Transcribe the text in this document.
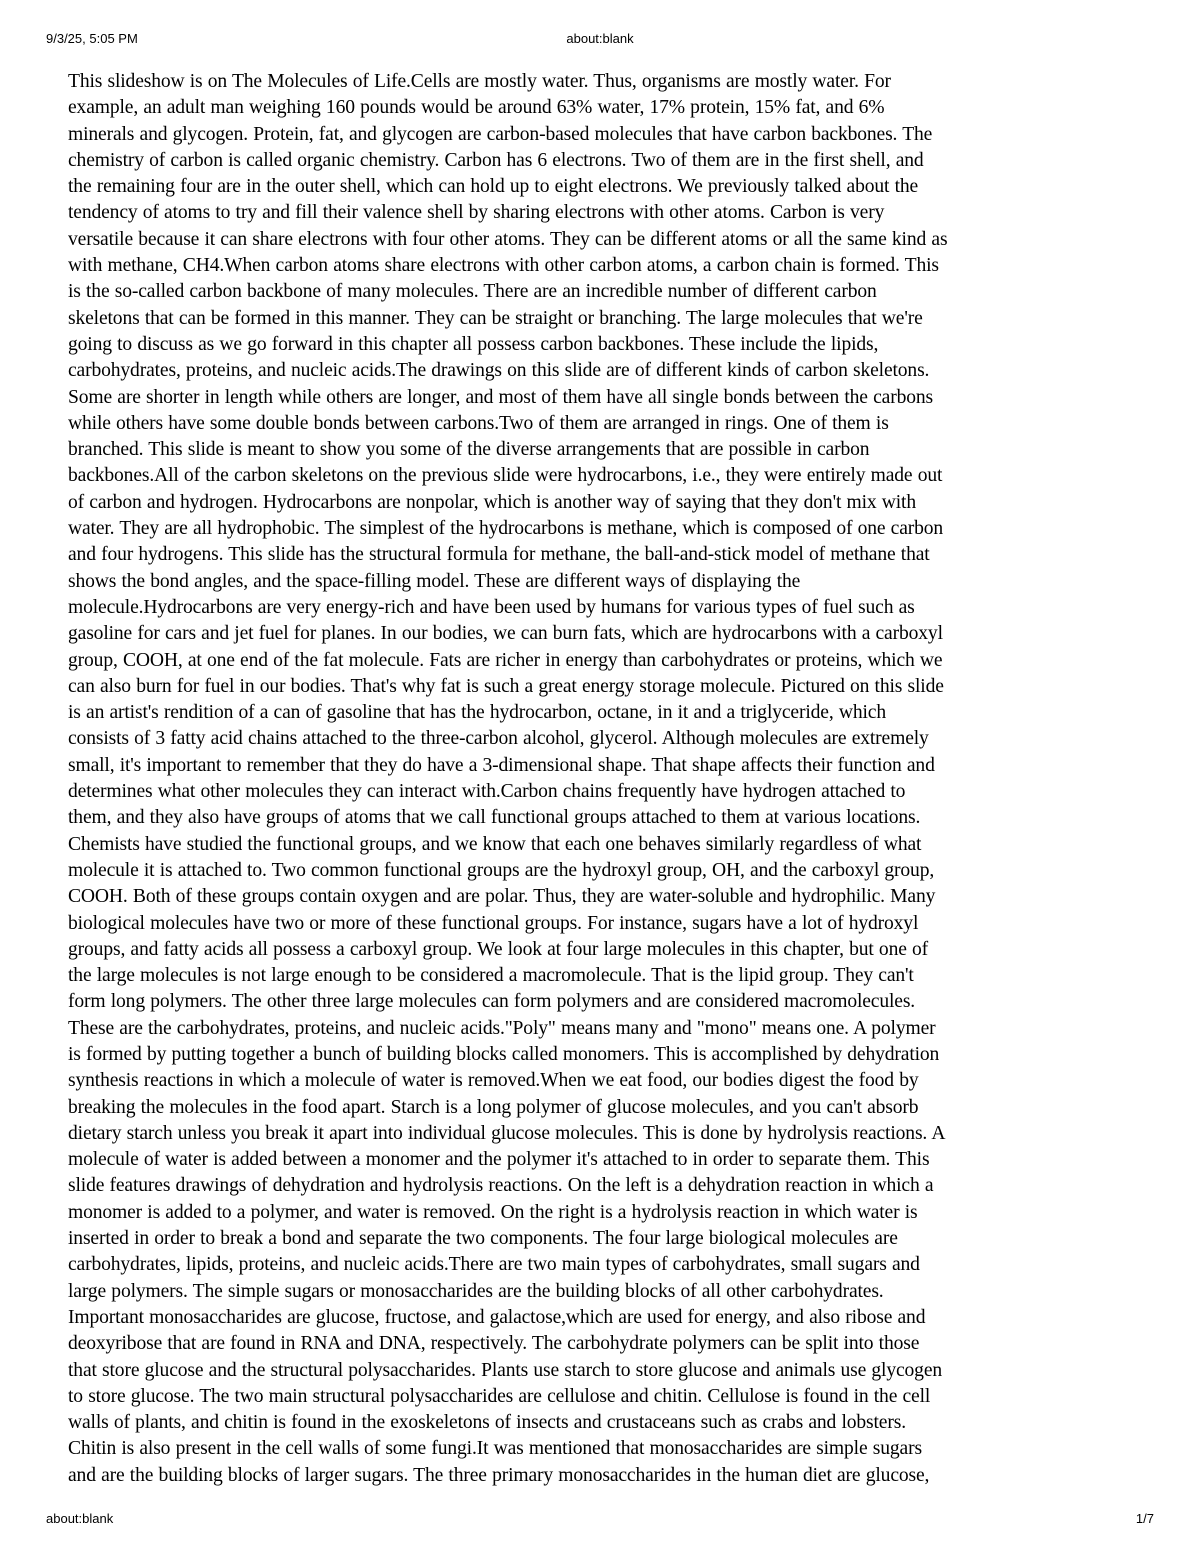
9/3/25, 5:05 PM	about:blank
This slideshow is on The Molecules of Life.Cells are mostly water. Thus, organisms are mostly water. For
example, an adult man weighing 160 pounds would be around 63% water, 17% protein, 15% fat, and 6%
minerals and glycogen. Protein, fat, and glycogen are carbon-based molecules that have carbon backbones. The
chemistry of carbon is called organic chemistry. Carbon has 6 electrons. Two of them are in the first shell, and
the remaining four are in the outer shell, which can hold up to eight electrons. We previously talked about the
tendency of atoms to try and fill their valence shell by sharing electrons with other atoms. Carbon is very
versatile because it can share electrons with four other atoms. They can be different atoms or all the same kind as
with methane, CH4.When carbon atoms share electrons with other carbon atoms, a carbon chain is formed. This
is the so-called carbon backbone of many molecules. There are an incredible number of different carbon
skeletons that can be formed in this manner. They can be straight or branching. The large molecules that we're
going to discuss as we go forward in this chapter all possess carbon backbones. These include the lipids,
carbohydrates, proteins, and nucleic acids.The drawings on this slide are of different kinds of carbon skeletons.
Some are shorter in length while others are longer, and most of them have all single bonds between the carbons
while others have some double bonds between carbons.Two of them are arranged in rings. One of them is
branched. This slide is meant to show you some of the diverse arrangements that are possible in carbon
backbones.All of the carbon skeletons on the previous slide were hydrocarbons, i.e., they were entirely made out
of carbon and hydrogen. Hydrocarbons are nonpolar, which is another way of saying that they don't mix with
water. They are all hydrophobic. The simplest of the hydrocarbons is methane, which is composed of one carbon
and four hydrogens. This slide has the structural formula for methane, the ball-and-stick model of methane that
shows the bond angles, and the space-filling model. These are different ways of displaying the
molecule.Hydrocarbons are very energy-rich and have been used by humans for various types of fuel such as
gasoline for cars and jet fuel for planes. In our bodies, we can burn fats, which are hydrocarbons with a carboxyl
group, COOH, at one end of the fat molecule. Fats are richer in energy than carbohydrates or proteins, which we
can also burn for fuel in our bodies. That's why fat is such a great energy storage molecule. Pictured on this slide
is an artist's rendition of a can of gasoline that has the hydrocarbon, octane, in it and a triglyceride, which
consists of 3 fatty acid chains attached to the three-carbon alcohol, glycerol. Although molecules are extremely
small, it's important to remember that they do have a 3-dimensional shape. That shape affects their function and
determines what other molecules they can interact with.Carbon chains frequently have hydrogen attached to
them, and they also have groups of atoms that we call functional groups attached to them at various locations.
Chemists have studied the functional groups, and we know that each one behaves similarly regardless of what
molecule it is attached to. Two common functional groups are the hydroxyl group, OH, and the carboxyl group,
COOH. Both of these groups contain oxygen and are polar. Thus, they are water-soluble and hydrophilic. Many
biological molecules have two or more of these functional groups. For instance, sugars have a lot of hydroxyl
groups, and fatty acids all possess a carboxyl group. We look at four large molecules in this chapter, but one of
the large molecules is not large enough to be considered a macromolecule. That is the lipid group. They can't
form long polymers. The other three large molecules can form polymers and are considered macromolecules.
These are the carbohydrates, proteins, and nucleic acids."Poly" means many and "mono" means one. A polymer
is formed by putting together a bunch of building blocks called monomers. This is accomplished by dehydration
synthesis reactions in which a molecule of water is removed.When we eat food, our bodies digest the food by
breaking the molecules in the food apart. Starch is a long polymer of glucose molecules, and you can't absorb
dietary starch unless you break it apart into individual glucose molecules. This is done by hydrolysis reactions. A
molecule of water is added between a monomer and the polymer it's attached to in order to separate them. This
slide features drawings of dehydration and hydrolysis reactions. On the left is a dehydration reaction in which a
monomer is added to a polymer, and water is removed. On the right is a hydrolysis reaction in which water is
inserted in order to break a bond and separate the two components. The four large biological molecules are
carbohydrates, lipids, proteins, and nucleic acids.There are two main types of carbohydrates, small sugars and
large polymers. The simple sugars or monosaccharides are the building blocks of all other carbohydrates.
Important monosaccharides are glucose, fructose, and galactose,which are used for energy, and also ribose and
deoxyribose that are found in RNA and DNA, respectively. The carbohydrate polymers can be split into those
that store glucose and the structural polysaccharides. Plants use starch to store glucose and animals use glycogen
to store glucose. The two main structural polysaccharides are cellulose and chitin. Cellulose is found in the cell
walls of plants, and chitin is found in the exoskeletons of insects and crustaceans such as crabs and lobsters.
Chitin is also present in the cell walls of some fungi.It was mentioned that monosaccharides are simple sugars
and are the building blocks of larger sugars. The three primary monosaccharides in the human diet are glucose,
about:blank	1/7
